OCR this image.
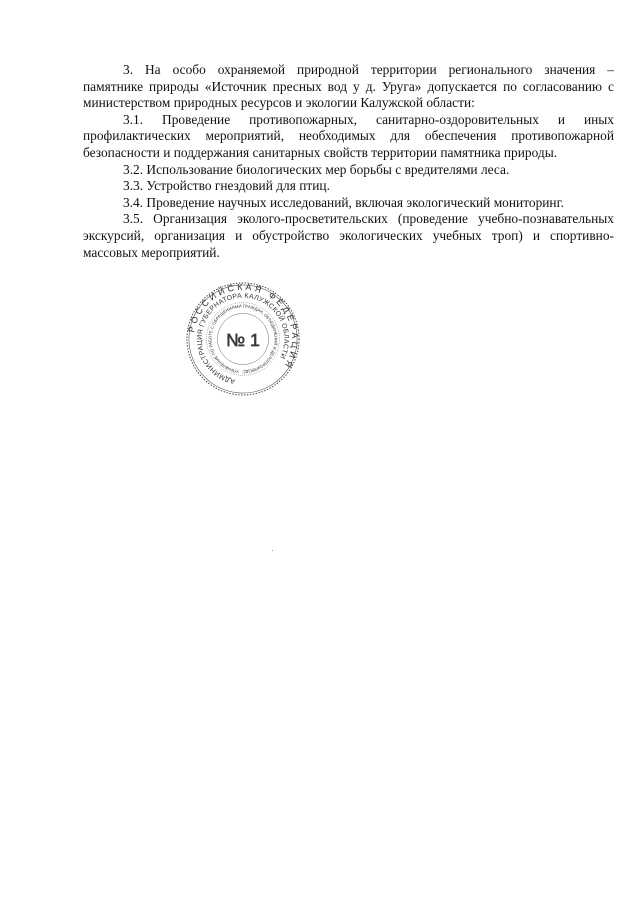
3. На особо охраняемой природной территории регионального значения –
памятнике природы «Источник пресных вод у д. Уруга» допускается по согласованию с
министерством природных ресурсов и экологии Калужской области:
3.1. Проведение противопожарных, санитарно-оздоровительных и иных
профилактических мероприятий, необходимых для обеспечения противопожарной
безопасности и поддержания санитарных свойств территории памятника природы.
3.2. Использование биологических мер борьбы с вредителями леса.
3.3. Устройство гнездовий для птиц.
3.4. Проведение научных исследований, включая экологический мониторинг.
3.5. Организация эколого-просветительских (проведение учебно-познавательных
экскурсий, организация и обустройство экологических учебных троп) и спортивно-
массовых мероприятий.
РОССИЙСКАЯ ФЕДЕРАЦИЯ
АДМИНИСТРАЦИЯ ГУБЕРНАТОРА КАЛУЖСКОЙ ОБЛАСТИ
УПРАВЛЕНИЕ ПО РАБОТЕ С ОБРАЩЕНИЯМИ ГРАЖДАН, ОБЪЕДИНЕНИЙ И ДЕЛОПРОИЗВОДС
№ 1
